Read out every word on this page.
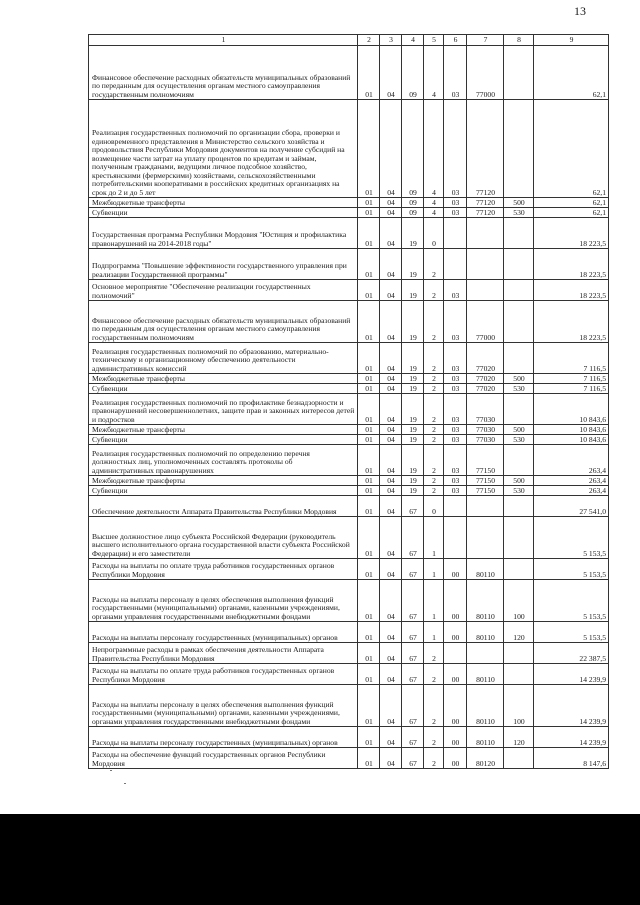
13
1	2	3	4	5	6	7	8	9
Финансовое обеспечение расходных обязательств муниципальных образований по переданным для осуществления органам местного самоуправления государственным полномочиям	01	04	09	4	03	77000		62,1
Реализация государственных полномочий по организации сбора, проверки и единовременного представления в Министерство сельского хозяйства и продовольствия Республики Мордовия документов на получение субсидий на возмещение части затрат на уплату процентов по кредитам и займам, полученным гражданами, ведущими личное подсобное хозяйство, крестьянскими (фермерскими) хозяйствами, сельскохозяйственными потребительскими кооперативами в российских кредитных организациях на срок до 2 и до 5 лет	01	04	09	4	03	77120		62,1
Межбюджетные трансферты	01	04	09	4	03	77120	500	62,1
Субвенции	01	04	09	4	03	77120	530	62,1
Государственная программа Республики Мордовия "Юстиция и профилактика правонарушений на 2014-2018 годы"	01	04	19	0				18 223,5
Подпрограмма "Повышение эффективности государственного управления при реализации Государственной программы"	01	04	19	2				18 223,5
Основное мероприятие "Обеспечение реализации государственных полномочий"	01	04	19	2	03			18 223,5
Финансовое обеспечение расходных обязательств муниципальных образований по переданным для осуществления органам местного самоуправления государственным полномочиям	01	04	19	2	03	77000		18 223,5
Реализация государственных полномочий по образованию, материально-техническому и организационному обеспечению деятельности административных комиссий	01	04	19	2	03	77020		7 116,5
Межбюджетные трансферты	01	04	19	2	03	77020	500	7 116,5
Субвенции	01	04	19	2	03	77020	530	7 116,5
Реализация государственных полномочий по профилактике безнадзорности и правонарушений несовершеннолетних, защите прав и законных интересов детей и подростков	01	04	19	2	03	77030		10 843,6
Межбюджетные трансферты	01	04	19	2	03	77030	500	10 843,6
Субвенции	01	04	19	2	03	77030	530	10 843,6
Реализация государственных полномочий по определению перечня должностных лиц, уполномоченных составлять протоколы об административных правонарушениях	01	04	19	2	03	77150		263,4
Межбюджетные трансферты	01	04	19	2	03	77150	500	263,4
Субвенции	01	04	19	2	03	77150	530	263,4
Обеспечение деятельности Аппарата Правительства Республики Мордовия	01	04	67	0				27 541,0
Высшее должностное лицо субъекта Российской Федерации (руководитель высшего исполнительного органа государственной власти субъекта Российской Федерации) и его заместители	01	04	67	1				5 153,5
Расходы на выплаты по оплате труда работников государственных органов Республики Мордовия	01	04	67	1	00	80110		5 153,5
Расходы на выплаты персоналу в целях обеспечения выполнения функций государственными (муниципальными) органами, казенными учреждениями, органами управления государственными внебюджетными фондами	01	04	67	1	00	80110	100	5 153,5
Расходы на выплаты персоналу государственных (муниципальных) органов	01	04	67	1	00	80110	120	5 153,5
Непрограммные расходы в рамках обеспечения деятельности Аппарата Правительства Республики Мордовия	01	04	67	2				22 387,5
Расходы на выплаты по оплате труда работников государственных органов Республики Мордовия	01	04	67	2	00	80110		14 239,9
Расходы на выплаты персоналу в целях обеспечения выполнения функций государственными (муниципальными) органами, казенными учреждениями, органами управления государственными внебюджетными фондами	01	04	67	2	00	80110	100	14 239,9
Расходы на выплаты персоналу государственных (муниципальных) органов	01	04	67	2	00	80110	120	14 239,9
Расходы на обеспечение функций государственных органов Республики Мордовия	01	04	67	2	00	80120		8 147,6
